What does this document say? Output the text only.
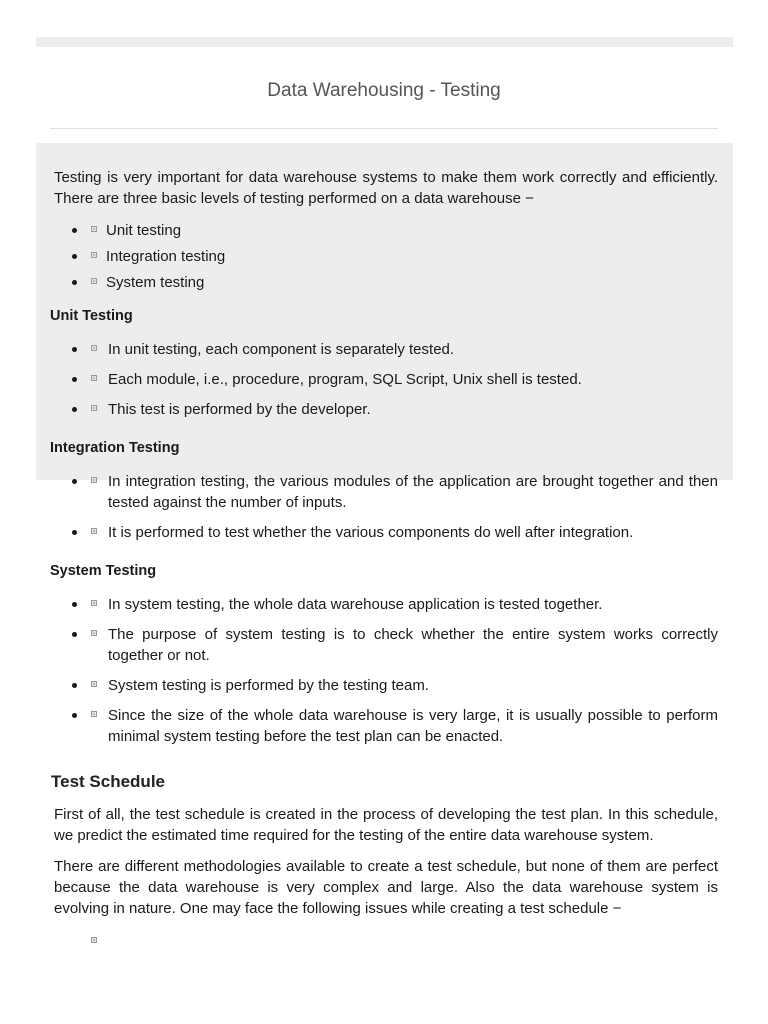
Data Warehousing - Testing

Testing is very important for data warehouse systems to make them work correctly and efficiently. There are three basic levels of testing performed on a data warehouse −

Unit testing
Integration testing
System testing
Unit Testing
In unit testing, each component is separately tested.
Each module, i.e., procedure, program, SQL Script, Unix shell is tested.
This test is performed by the developer.
Integration Testing
In integration testing, the various modules of the application are brought together and then tested against the number of inputs.
It is performed to test whether the various components do well after integration.
System Testing
In system testing, the whole data warehouse application is tested together.
The purpose of system testing is to check whether the entire system works correctly together or not.
System testing is performed by the testing team.
Since the size of the whole data warehouse is very large, it is usually possible to perform minimal system testing before the test plan can be enacted.
Test Schedule

First of all, the test schedule is created in the process of developing the test plan. In this schedule, we predict the estimated time required for the testing of the entire data warehouse system.

There are different methodologies available to create a test schedule, but none of them are perfect because the data warehouse is very complex and large. Also the data warehouse system is evolving in nature. One may face the following issues while creating a test schedule −
